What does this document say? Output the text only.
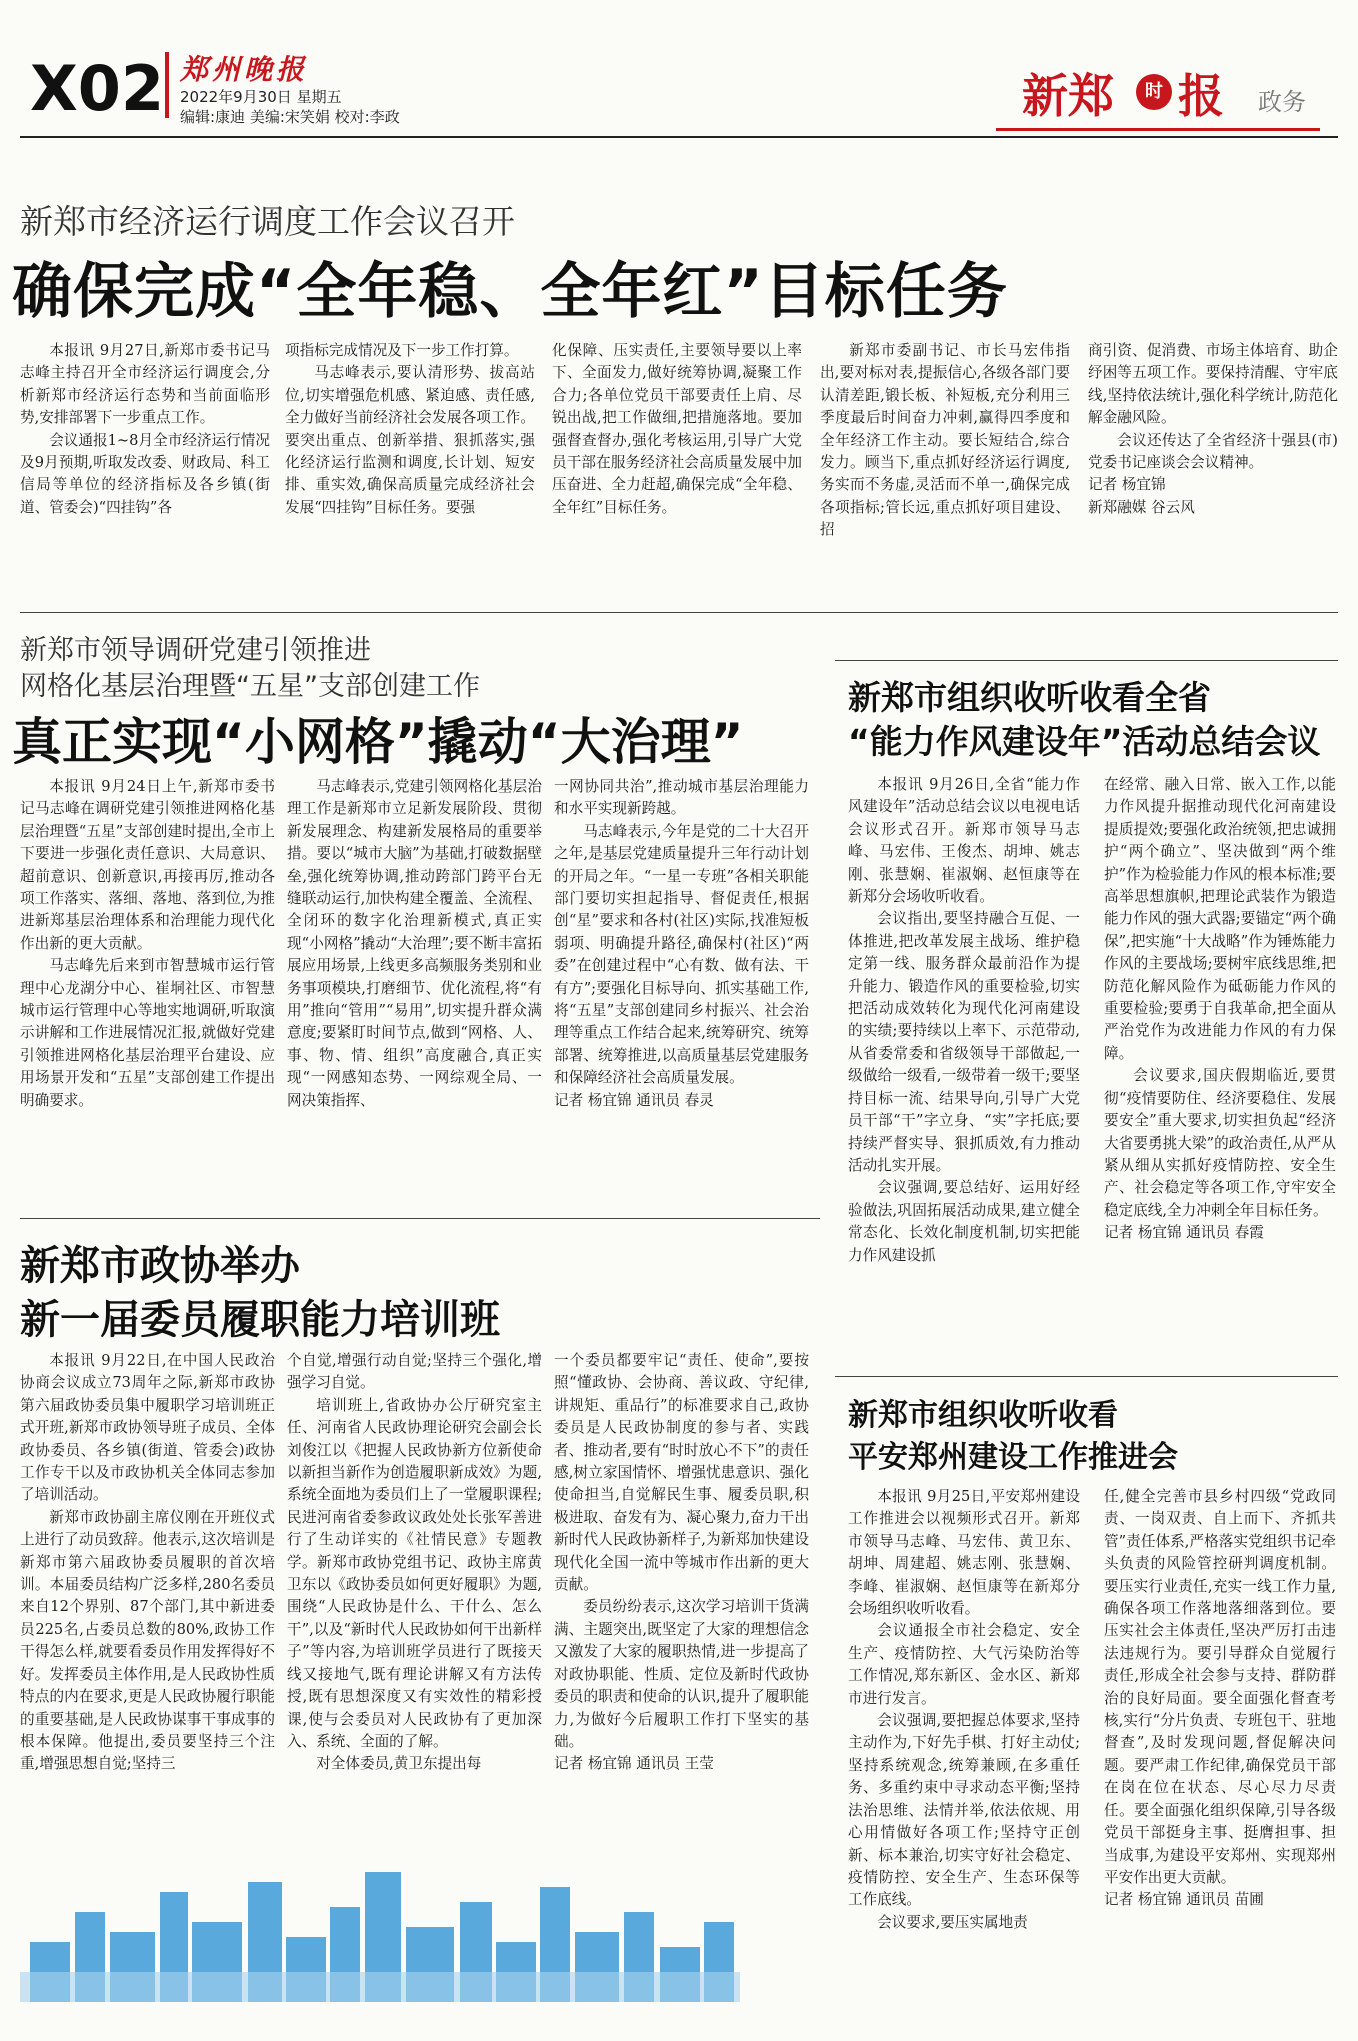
X02 郑州晚报
2022年9月30日 星期五
编辑:康迪 美编:宋笑娟 校对:李政	新郑	时 报 政务
新郑市经济运行调度工作会议召开
确保完成“全年稳、全年红”目标任务

本报讯 9月27日,新郑市委书记马志峰主持召开全市经济运行调度会,分析新郑市经济运行态势和当前面临形势,安排部署下一步重点工作。

会议通报1~8月全市经济运行情况及9月预期,听取发改委、财政局、科工信局等单位的经济指标及各乡镇(街道、管委会)“四挂钩”各

项指标完成情况及下一步工作打算。

马志峰表示,要认清形势、拔高站位,切实增强危机感、紧迫感、责任感,全力做好当前经济社会发展各项工作。要突出重点、创新举措、狠抓落实,强化经济运行监测和调度,长计划、短安排、重实效,确保高质量完成经济社会发展“四挂钩”目标任务。要强

化保障、压实责任,主要领导要以上率下、全面发力,做好统筹协调,凝聚工作合力;各单位党员干部要责任上肩、尽锐出战,把工作做细,把措施落地。要加强督查督办,强化考核运用,引导广大党员干部在服务经济社会高质量发展中加压奋进、全力赶超,确保完成“全年稳、全年红”目标任务。

新郑市委副书记、市长马宏伟指出,要对标对表,提振信心,各级各部门要认清差距,锻长板、补短板,充分利用三季度最后时间奋力冲刺,赢得四季度和全年经济工作主动。要长短结合,综合发力。顾当下,重点抓好经济运行调度,务实而不务虚,灵活而不单一,确保完成各项指标;管长远,重点抓好项目建设、招

商引资、促消费、市场主体培育、助企纾困等五项工作。要保持清醒、守牢底线,坚持依法统计,强化科学统计,防范化解金融风险。

会议还传达了全省经济十强县(市)党委书记座谈会会议精神。

记者 杨宜锦

新郑融媒 谷云风

新郑市领导调研党建引领推进
网格化基层治理暨“五星”支部创建工作
真正实现“小网格”撬动“大治理”

本报讯 9月24日上午,新郑市委书记马志峰在调研党建引领推进网格化基层治理暨“五星”支部创建时提出,全市上下要进一步强化责任意识、大局意识、超前意识、创新意识,再接再厉,推动各项工作落实、落细、落地、落到位,为推进新郑基层治理体系和治理能力现代化作出新的更大贡献。

马志峰先后来到市智慧城市运行管理中心龙湖分中心、崔垌社区、市智慧城市运行管理中心等地实地调研,听取演示讲解和工作进展情况汇报,就做好党建引领推进网格化基层治理平台建设、应用场景开发和“五星”支部创建工作提出明确要求。

马志峰表示,党建引领网格化基层治理工作是新郑市立足新发展阶段、贯彻新发展理念、构建新发展格局的重要举措。要以“城市大脑”为基础,打破数据壁垒,强化统筹协调,推动跨部门跨平台无缝联动运行,加快构建全覆盖、全流程、全闭环的数字化治理新模式,真正实现“小网格”撬动“大治理”;要不断丰富拓展应用场景,上线更多高频服务类别和业务事项模块,打磨细节、优化流程,将“有用”推向“管用”“易用”,切实提升群众满意度;要紧盯时间节点,做到“网格、人、事、物、情、组织”高度融合,真正实现“一网感知态势、一网综观全局、一网决策指挥、

一网协同共治”,推动城市基层治理能力和水平实现新跨越。

马志峰表示,今年是党的二十大召开之年,是基层党建质量提升三年行动计划的开局之年。“一星一专班”各相关职能部门要切实担起指导、督促责任,根据创“星”要求和各村(社区)实际,找准短板弱项、明确提升路径,确保村(社区)“两委”在创建过程中“心有数、做有法、干有方”;要强化目标导向、抓实基础工作,将“五星”支部创建同乡村振兴、社会治理等重点工作结合起来,统筹研究、统筹部署、统筹推进,以高质量基层党建服务和保障经济社会高质量发展。

记者 杨宜锦 通讯员 春灵

新郑市组织收听收看全省
“能力作风建设年”活动总结会议

本报讯 9月26日,全省“能力作风建设年”活动总结会议以电视电话会议形式召开。新郑市领导马志峰、马宏伟、王俊杰、胡坤、姚志刚、张慧娴、崔淑娴、赵恒康等在新郑分会场收听收看。

会议指出,要坚持融合互促、一体推进,把改革发展主战场、维护稳定第一线、服务群众最前沿作为提升能力、锻造作风的重要检验,切实把活动成效转化为现代化河南建设的实绩;要持续以上率下、示范带动,从省委常委和省级领导干部做起,一级做给一级看,一级带着一级干;要坚持目标一流、结果导向,引导广大党员干部“干”字立身、“实”字托底;要持续严督实导、狠抓质效,有力推动活动扎实开展。

会议强调,要总结好、运用好经验做法,巩固拓展活动成果,建立健全常态化、长效化制度机制,切实把能力作风建设抓

在经常、融入日常、嵌入工作,以能力作风提升据推动现代化河南建设提质提效;要强化政治统领,把忠诚拥护“两个确立”、坚决做到“两个维护”作为检验能力作风的根本标准;要高举思想旗帜,把理论武装作为锻造能力作风的强大武器;要锚定“两个确保”,把实施“十大战略”作为锤炼能力作风的主要战场;要树牢底线思维,把防范化解风险作为砥砺能力作风的重要检验;要勇于自我革命,把全面从严治党作为改进能力作风的有力保障。

会议要求,国庆假期临近,要贯彻“疫情要防住、经济要稳住、发展要安全”重大要求,切实担负起“经济大省要勇挑大梁”的政治责任,从严从紧从细从实抓好疫情防控、安全生产、社会稳定等各项工作,守牢安全稳定底线,全力冲刺全年目标任务。

记者 杨宜锦 通讯员 春霞

新郑市政协举办
新一届委员履职能力培训班

本报讯 9月22日,在中国人民政治协商会议成立73周年之际,新郑市政协第六届政协委员集中履职学习培训班正式开班,新郑市政协领导班子成员、全体政协委员、各乡镇(街道、管委会)政协工作专干以及市政协机关全体同志参加了培训活动。

新郑市政协副主席仪刚在开班仪式上进行了动员致辞。他表示,这次培训是新郑市第六届政协委员履职的首次培训。本届委员结构广泛多样,280名委员来自12个界别、87个部门,其中新进委员225名,占委员总数的80%,政协工作干得怎么样,就要看委员作用发挥得好不好。发挥委员主体作用,是人民政协性质特点的内在要求,更是人民政协履行职能的重要基础,是人民政协谋事干事成事的根本保障。他提出,委员要坚持三个注重,增强思想自觉;坚持三

个自觉,增强行动自觉;坚持三个强化,增强学习自觉。

培训班上,省政协办公厅研究室主任、河南省人民政协理论研究会副会长刘俊江以《把握人民政协新方位新使命 以新担当新作为创造履职新成效》为题,系统全面地为委员们上了一堂履职课程;民进河南省委参政议政处处长张军善进行了生动详实的《社情民意》专题教学。新郑市政协党组书记、政协主席黄卫东以《政协委员如何更好履职》为题,围绕“人民政协是什么、干什么、怎么干”,以及“新时代人民政协如何干出新样子”等内容,为培训班学员进行了既接天线又接地气,既有理论讲解又有方法传授,既有思想深度又有实效性的精彩授课,使与会委员对人民政协有了更加深入、系统、全面的了解。

对全体委员,黄卫东提出每

一个委员都要牢记“责任、使命”,要按照“懂政协、会协商、善议政、守纪律,讲规矩、重品行”的标准要求自己,政协委员是人民政协制度的参与者、实践者、推动者,要有“时时放心不下”的责任感,树立家国情怀、增强忧患意识、强化使命担当,自觉解民生事、履委员职,积极进取、奋发有为、凝心聚力,奋力干出新时代人民政协新样子,为新郑加快建设现代化全国一流中等城市作出新的更大贡献。

委员纷纷表示,这次学习培训干货满满、主题突出,既坚定了大家的理想信念又激发了大家的履职热情,进一步提高了对政协职能、性质、定位及新时代政协委员的职责和使命的认识,提升了履职能力,为做好今后履职工作打下坚实的基础。

记者 杨宜锦 通讯员 王莹

新郑市组织收听收看
平安郑州建设工作推进会

本报讯 9月25日,平安郑州建设工作推进会以视频形式召开。新郑市领导马志峰、马宏伟、黄卫东、胡坤、周建超、姚志刚、张慧娴、李峰、崔淑娴、赵恒康等在新郑分会场组织收听收看。

会议通报全市社会稳定、安全生产、疫情防控、大气污染防治等工作情况,郑东新区、金水区、新郑市进行发言。

会议强调,要把握总体要求,坚持主动作为,下好先手棋、打好主动仗;坚持系统观念,统筹兼顾,在多重任务、多重约束中寻求动态平衡;坚持法治思维、法情并举,依法依规、用心用情做好各项工作;坚持守正创新、标本兼治,切实守好社会稳定、疫情防控、安全生产、生态环保等工作底线。

会议要求,要压实属地责

任,健全完善市县乡村四级“党政同责、一岗双责、自上而下、齐抓共管”责任体系,严格落实党组织书记牵头负责的风险管控研判调度机制。要压实行业责任,充实一线工作力量,确保各项工作落地落细落到位。要压实社会主体责任,坚决严厉打击违法违规行为。要引导群众自觉履行责任,形成全社会参与支持、群防群治的良好局面。要全面强化督查考核,实行“分片负责、专班包干、驻地督查”,及时发现问题,督促解决问题。要严肃工作纪律,确保党员干部在岗在位在状态、尽心尽力尽责任。要全面强化组织保障,引导各级党员干部挺身主事、挺膺担事、担当成事,为建设平安郑州、实现郑州平安作出更大贡献。

记者 杨宜锦 通讯员 苗圃
